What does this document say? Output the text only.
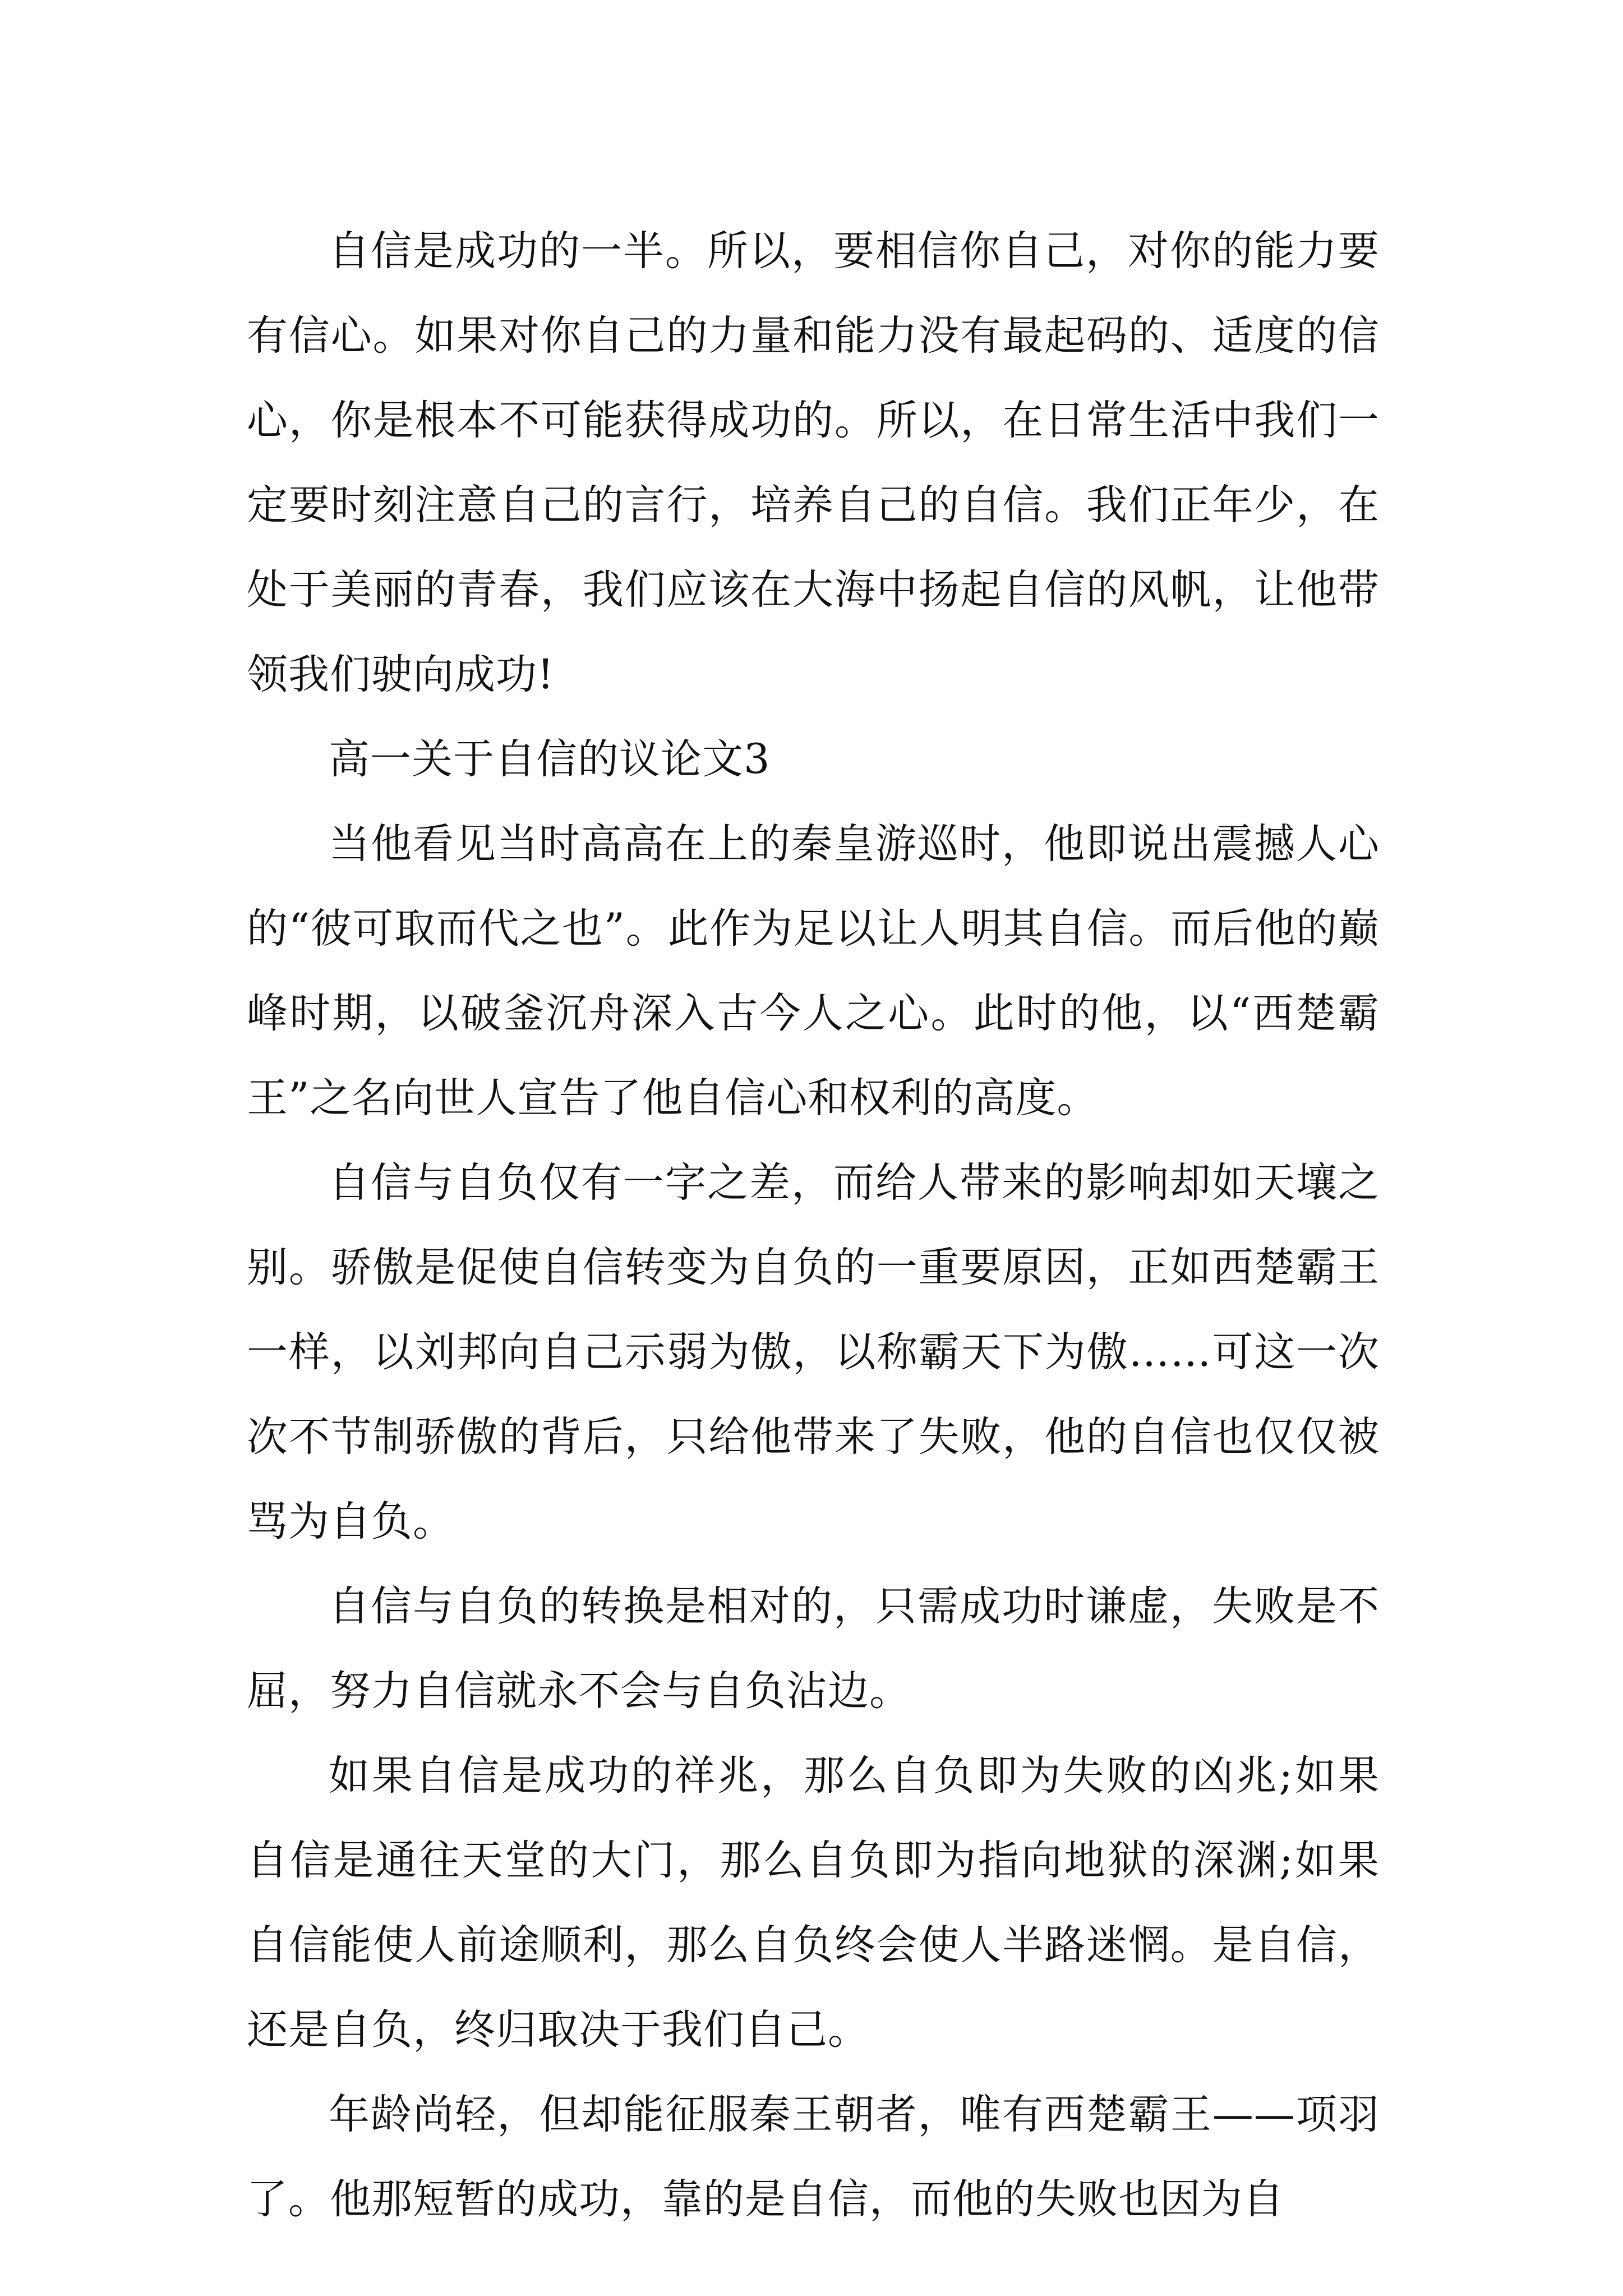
自信是成功的一半。所以，要相信你自己，对你的能力要有信心。如果对你自己的力量和能力没有最起码的、适度的信心，你是根本不可能获得成功的。所以，在日常生活中我们一定要时刻注意自己的言行，培养自己的自信。我们正年少，在处于美丽的青春，我们应该在大海中扬起自信的风帆，让他带领我们驶向成功!

高一关于自信的议论文3

当他看见当时高高在上的秦皇游巡时，他即说出震撼人心的“彼可取而代之也”。此作为足以让人明其自信。而后他的巅峰时期，以破釜沉舟深入古今人之心。此时的他，以“西楚霸王”之名向世人宣告了他自信心和权利的高度。

自信与自负仅有一字之差，而给人带来的影响却如天壤之别。骄傲是促使自信转变为自负的一重要原因，正如西楚霸王一样，以刘邦向自己示弱为傲，以称霸天下为傲……可这一次次不节制骄傲的背后，只给他带来了失败，他的自信也仅仅被骂为自负。

自信与自负的转换是相对的，只需成功时谦虚，失败是不屈，努力自信就永不会与自负沾边。

如果自信是成功的祥兆，那么自负即为失败的凶兆;如果自信是通往天堂的大门，那么自负即为指向地狱的深渊;如果自信能使人前途顺利，那么自负终会使人半路迷惘。是自信，还是自负，终归取决于我们自己。

年龄尚轻，但却能征服秦王朝者，唯有西楚霸王——项羽了。他那短暂的成功，靠的是自信，而他的失败也因为自
